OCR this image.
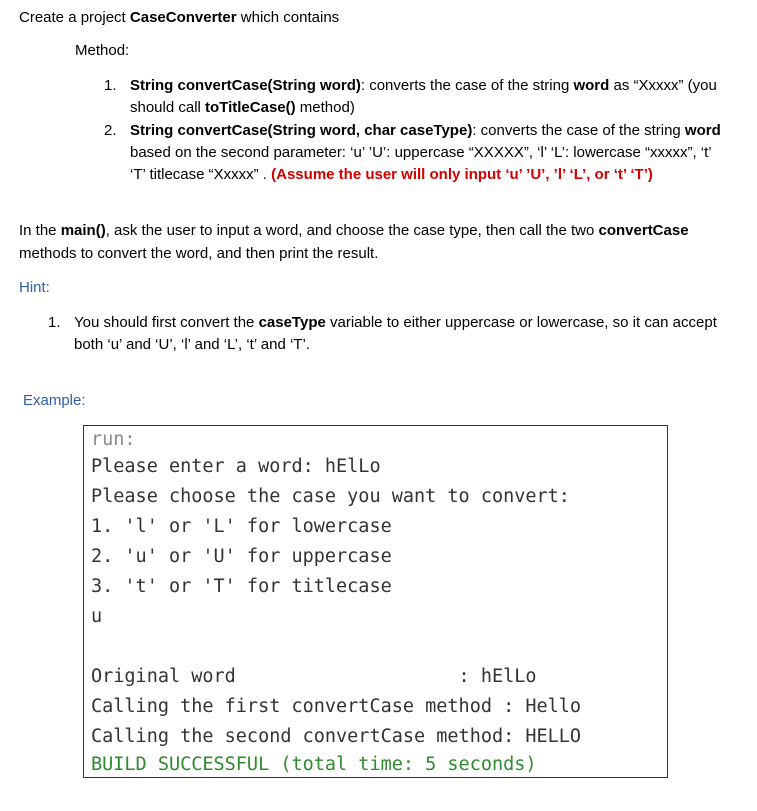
Create a project CaseConverter which contains
Method:
1. String convertCase(String word): converts the case of the string word as “Xxxxx” (you
should call toTitleCase() method)
2. String convertCase(String word, char caseType): converts the case of the string word
based on the second parameter: ‘u’ ’U’: uppercase “XXXXX”, ‘l’ ‘L’: lowercase “xxxxx”, ‘t’
‘T’ titlecase “Xxxxx” . (Assume the user will only input ‘u’ ’U’, ’l’ ‘L’, or ‘t’ ‘T’)
In the main(), ask the user to input a word, and choose the case type, then call the two convertCase
methods to convert the word, and then print the result.
Hint:
1. You should first convert the caseType variable to either uppercase or lowercase, so it can accept
both ‘u’ and ‘U’, ‘l’ and ‘L’, ‘t’ and ‘T’.
Example:
run:
Please enter a word: hElLo
Please choose the case you want to convert:
1. 'l' or 'L' for lowercase
2. 'u' or 'U' for uppercase
3. 't' or 'T' for titlecase
u
Original word                    : hElLo
Calling the first convertCase method : Hello
Calling the second convertCase method: HELLO
BUILD SUCCESSFUL (total time: 5 seconds)
